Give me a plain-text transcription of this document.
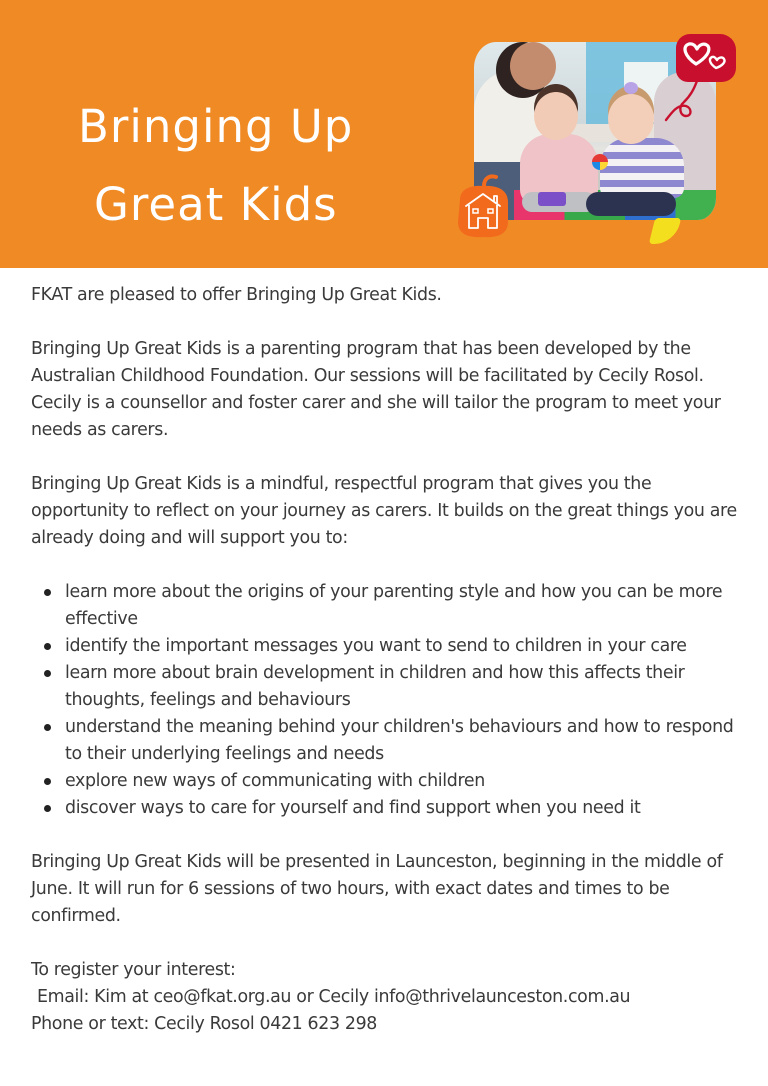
Bringing Up
Great Kids

FKAT are pleased to offer Bringing Up Great Kids.

Bringing Up Great Kids is a parenting program that has been developed by the Australian Childhood Foundation. Our sessions will be facilitated by Cecily Rosol. Cecily is a counsellor and foster carer and she will tailor the program to meet your needs as carers.

Bringing Up Great Kids is a mindful, respectful program that gives you the opportunity to reflect on your journey as carers. It builds on the great things you are already doing and will support you to:

learn more about the origins of your parenting style and how you can be more effective
identify the important messages you want to send to children in your care
learn more about brain development in children and how this affects their thoughts, feelings and behaviours
understand the meaning behind your children's behaviours and how to respond to their underlying feelings and needs
explore new ways of communicating with children
discover ways to care for yourself and find support when you need it

Bringing Up Great Kids will be presented in Launceston, beginning in the middle of June. It will run for 6 sessions of two hours, with exact dates and times to be confirmed.

To register your interest:

Email: Kim at ceo@fkat.org.au or Cecily info@thrivelaunceston.com.au

Phone or text: Cecily Rosol 0421 623 298
